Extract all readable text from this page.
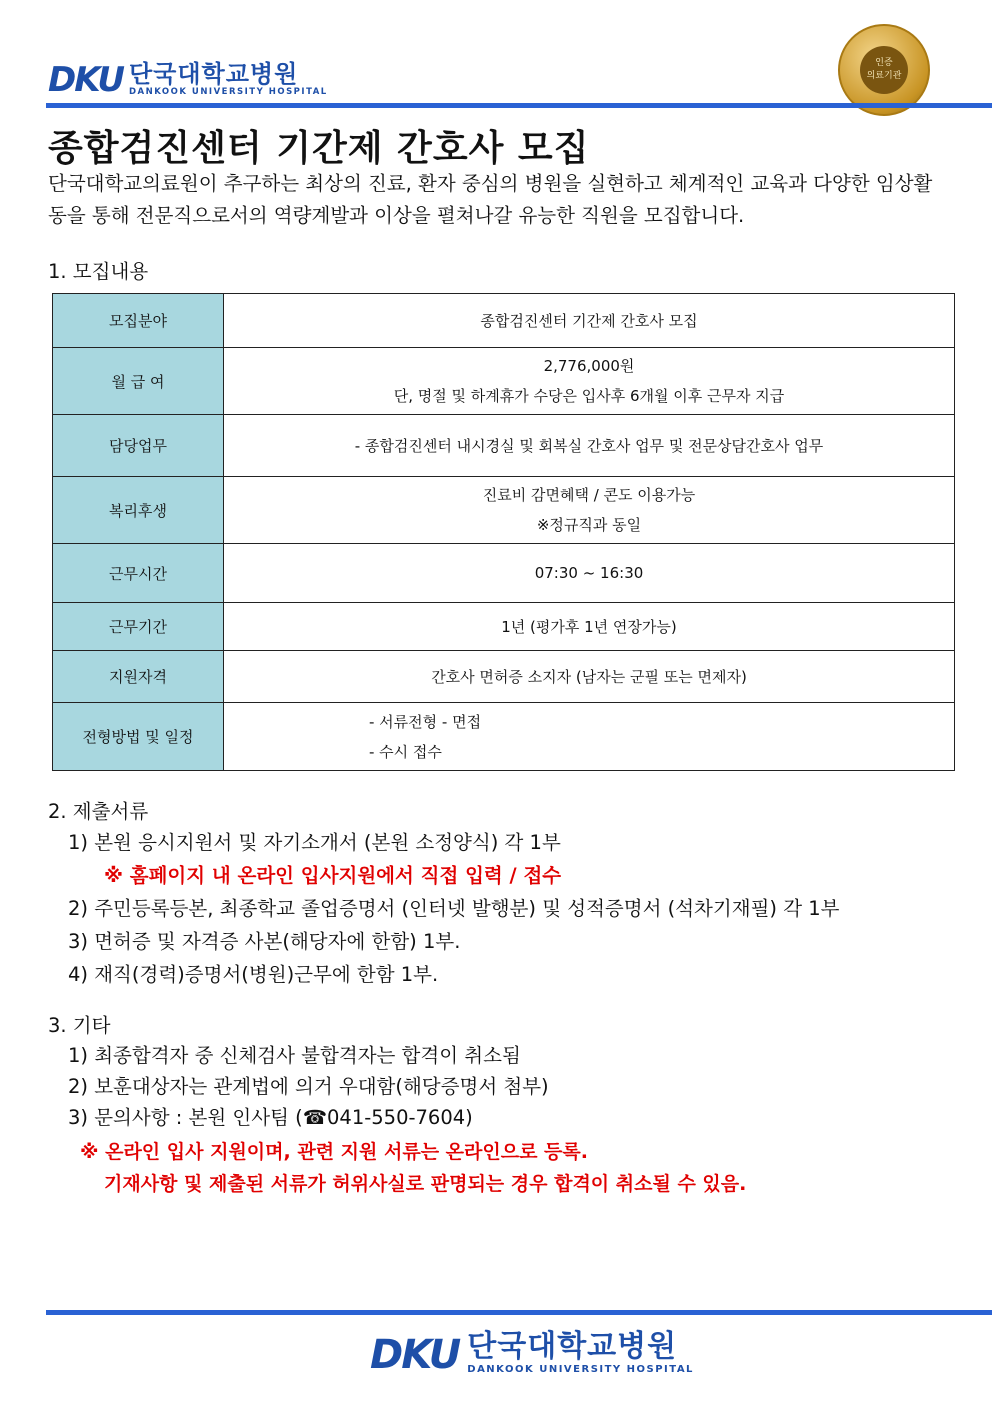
DKU 단국대학교병원
DANKOOK UNIVERSITY HOSPITAL
인증
의료기관
종합검진센터 기간제 간호사 모집

단국대학교의료원이 추구하는 최상의 진료, 환자 중심의 병원을 실현하고 체계적인 교육과 다양한 임상활동을 통해 전문직으로서의 역량계발과 이상을 펼쳐나갈 유능한 직원을 모집합니다.

1. 모집내용
모집분야	종합검진센터 기간제 간호사 모집

월 급 여	2,776,000원
단, 명절 및 하계휴가 수당은 입사후 6개월 이후 근무자 지급

담당업무	- 종합검진센터 내시경실 및 회복실 간호사 업무 및 전문상담간호사 업무

복리후생	진료비 감면혜택 / 콘도 이용가능
※정규직과 동일

근무시간	07:30 ~ 16:30

근무기간	1년 (평가후 1년 연장가능)

지원자격	간호사 면허증 소지자 (남자는 군필 또는 면제자)

전형방법 및 일정	- 서류전형 - 면접
- 수시 접수
2. 제출서류
1) 본원 응시지원서 및 자기소개서 (본원 소정양식) 각 1부
※ 홈페이지 내 온라인 입사지원에서 직접 입력 / 접수
2) 주민등록등본, 최종학교 졸업증명서 (인터넷 발행분) 및 성적증명서 (석차기재필) 각 1부
3) 면허증 및 자격증 사본(해당자에 한함) 1부.
4) 재직(경력)증명서(병원)근무에 한함 1부.
3. 기타
1) 최종합격자 중 신체검사 불합격자는 합격이 취소됨
2) 보훈대상자는 관계법에 의거 우대함(해당증명서 첨부)
3) 문의사항 : 본원 인사팀 (☎041-550-7604)
※ 온라인 입사 지원이며, 관련 지원 서류는 온라인으로 등록.
기재사항 및 제출된 서류가 허위사실로 판명되는 경우 합격이 취소될 수 있음.
DKU 단국대학교병원
DANKOOK UNIVERSITY HOSPITAL
